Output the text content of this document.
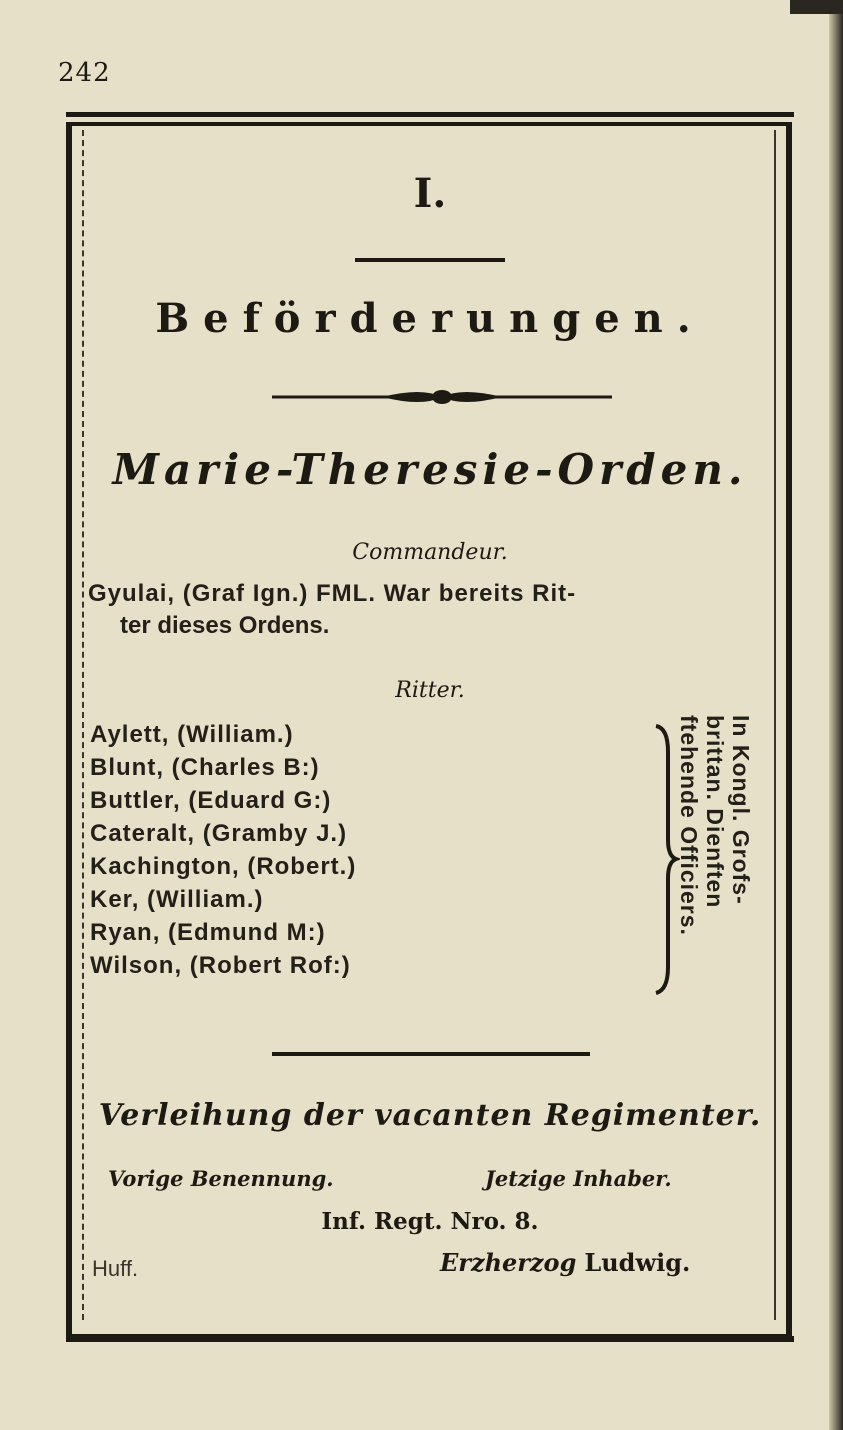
242
I.
Beförderungen.
Marie-Theresie-Orden.
Commandeur.
Gyulai, (Graf Ign.) FML. War bereits Rit-
ter dieses Ordens.
Ritter.
Aylett, (William.)
Blunt, (Charles B:)
Buttler, (Eduard G:)
Cateralt, (Gramby J.)
Kachington, (Robert.)
Ker, (William.)
Ryan, (Edmund M:)
Wilson, (Robert Rof:)
In Kongl. Grofs-
brittan. Dienften
ftehende Officiers.
Verleihung der vacanten Regimenter.
Vorige Benennung.	Jetzige Inhaber.
Inf. Regt. Nro. 8.
Huff.	Erzherzog Ludwig.
